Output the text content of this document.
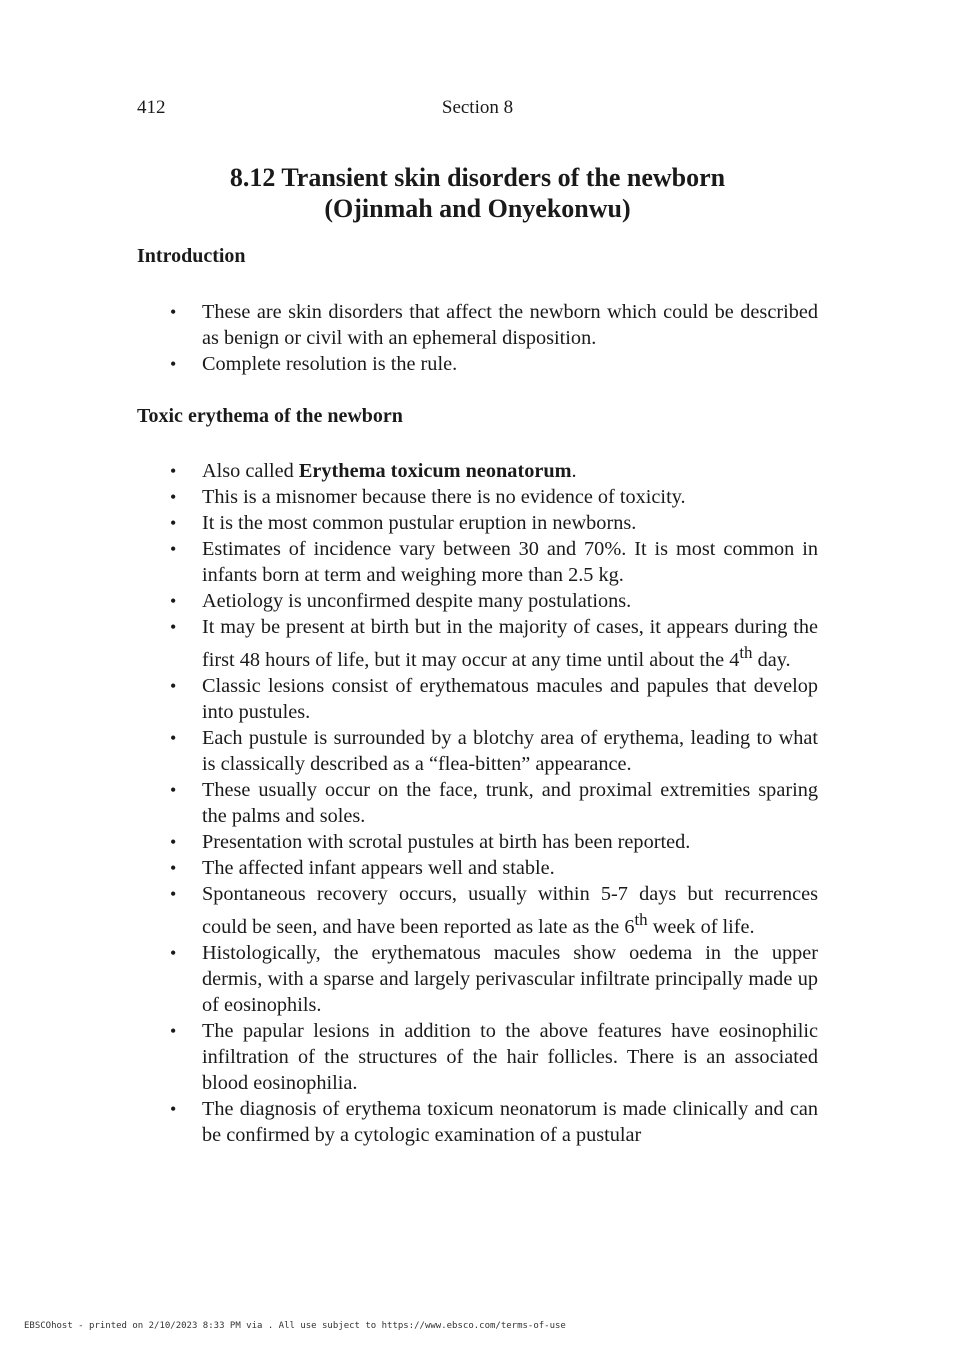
412	Section 8
8.12 Transient skin disorders of the newborn
(Ojinmah and Onyekonwu)
Introduction
• These are skin disorders that affect the newborn which could be described as benign or civil with an ephemeral disposition.
• Complete resolution is the rule.
Toxic erythema of the newborn
• Also called Erythema toxicum neonatorum.
• This is a misnomer because there is no evidence of toxicity.
• It is the most common pustular eruption in newborns.
• Estimates of incidence vary between 30 and 70%. It is most common in infants born at term and weighing more than 2.5 kg.
• Aetiology is unconfirmed despite many postulations.
• It may be present at birth but in the majority of cases, it appears during the first 48 hours of life, but it may occur at any time until about the 4th day.
• Classic lesions consist of erythematous macules and papules that develop into pustules.
• Each pustule is surrounded by a blotchy area of erythema, leading to what is classically described as a “flea-bitten” appearance.
• These usually occur on the face, trunk, and proximal extremities sparing the palms and soles.
• Presentation with scrotal pustules at birth has been reported.
• The affected infant appears well and stable.
• Spontaneous recovery occurs, usually within 5-7 days but recurrences could be seen, and have been reported as late as the 6th week of life.
• Histologically, the erythematous macules show oedema in the upper dermis, with a sparse and largely perivascular infiltrate principally made up of eosinophils.
• The papular lesions in addition to the above features have eosinophilic infiltration of the structures of the hair follicles. There is an associated blood eosinophilia.
• The diagnosis of erythema toxicum neonatorum is made clinically and can be confirmed by a cytologic examination of a pustular
EBSCOhost - printed on 2/10/2023 8:33 PM via . All use subject to https://www.ebsco.com/terms-of-use
